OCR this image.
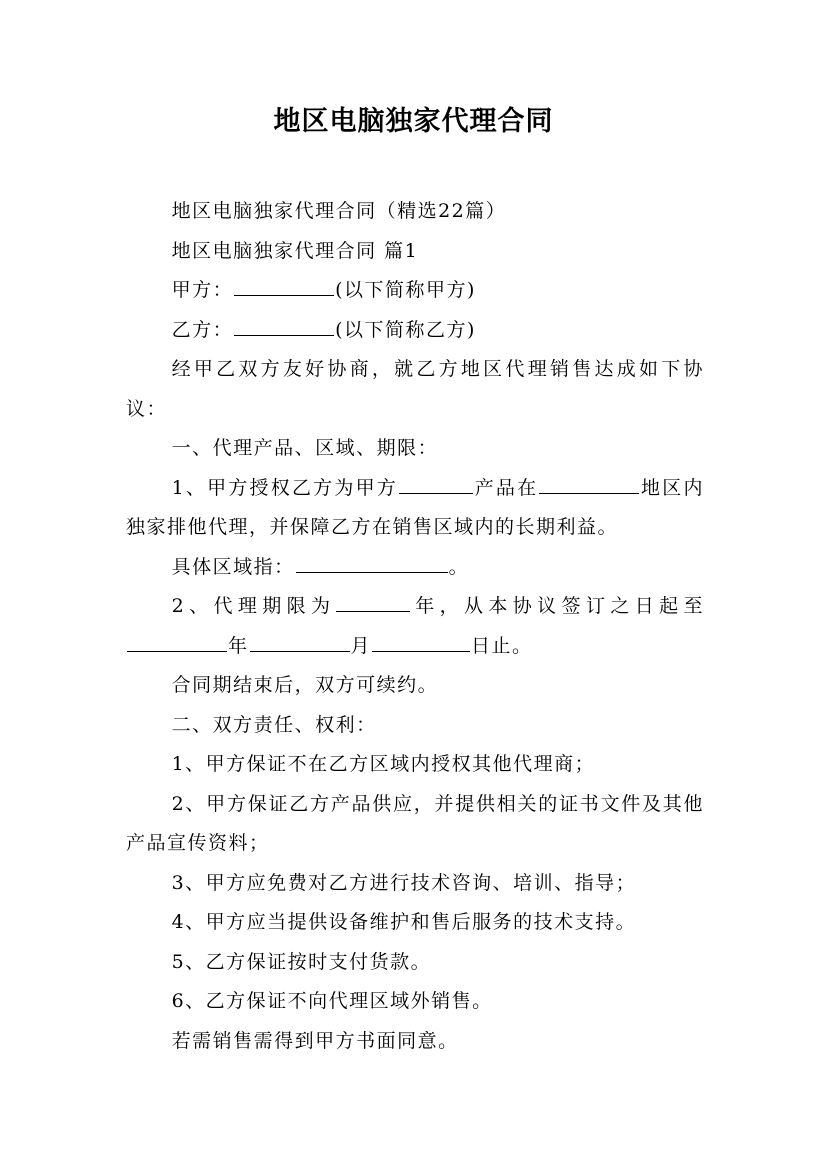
地区电脑独家代理合同

地区电脑独家代理合同（精选22篇）

地区电脑独家代理合同 篇1

甲方：	(以下简称甲方)

乙方：	(以下简称乙方)

经甲乙双方友好协商，就乙方地区代理销售达成如下协议：

一、代理产品、区域、期限：

1、甲方授权乙方为甲方	产品在	地区内独家排他代理，并保障乙方在销售区域内的长期利益。

具体区域指：	。

2、代理期限为	年，从本协议签订之日起至年	月	日止。

合同期结束后，双方可续约。

二、双方责任、权利：

1、甲方保证不在乙方区域内授权其他代理商；

2、甲方保证乙方产品供应，并提供相关的证书文件及其他产品宣传资料；

3、甲方应免费对乙方进行技术咨询、培训、指导；

4、甲方应当提供设备维护和售后服务的技术支持。

5、乙方保证按时支付货款。

6、乙方保证不向代理区域外销售。

若需销售需得到甲方书面同意。
